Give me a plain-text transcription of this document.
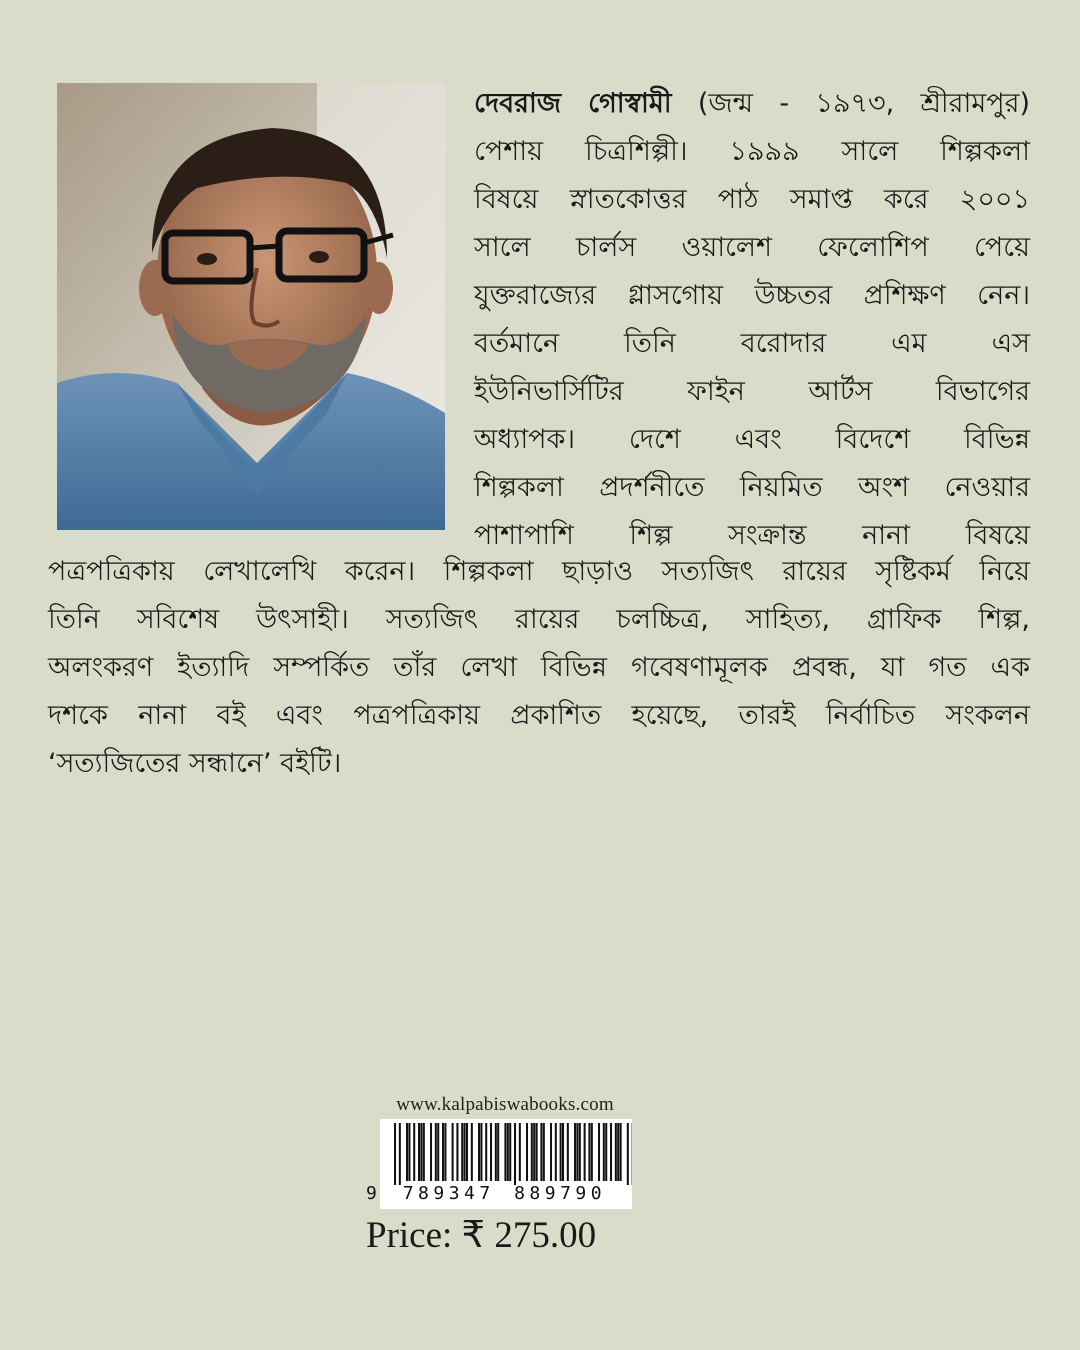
দেবরাজ গোস্বামী (জন্ম - ১৯৭৩, শ্রীরামপুর)
পেশায় চিত্রশিল্পী। ১৯৯৯ সালে শিল্পকলা
বিষয়ে স্নাতকোত্তর পাঠ সমাপ্ত করে ২০০১
সালে চার্লস ওয়ালেশ ফেলোশিপ পেয়ে
যুক্তরাজ্যের গ্লাসগোয় উচ্চতর প্রশিক্ষণ নেন।
বর্তমানে তিনি বরোদার এম এস
ইউনিভার্সিটির ফাইন আর্টস বিভাগের
অধ্যাপক। দেশে এবং বিদেশে বিভিন্ন
শিল্পকলা প্রদর্শনীতে নিয়মিত অংশ নেওয়ার
পাশাপাশি শিল্প সংক্রান্ত নানা বিষয়ে
পত্রপত্রিকায় লেখালেখি করেন। শিল্পকলা ছাড়াও সত্যজিৎ রায়ের সৃষ্টিকর্ম নিয়ে
তিনি সবিশেষ উৎসাহী। সত্যজিৎ রায়ের চলচ্চিত্র, সাহিত্য, গ্রাফিক শিল্প,
অলংকরণ ইত্যাদি সম্পর্কিত তাঁর লেখা বিভিন্ন গবেষণামূলক প্রবন্ধ, যা গত এক
দশকে নানা বই এবং পত্রপত্রিকায় প্রকাশিত হয়েছে, তারই নির্বাচিত সংকলন
‘সত্যজিতের সন্ধানে’ বইটি।
www.kalpabiswabooks.com
9 789347 889790
Price: ₹ 275.00
